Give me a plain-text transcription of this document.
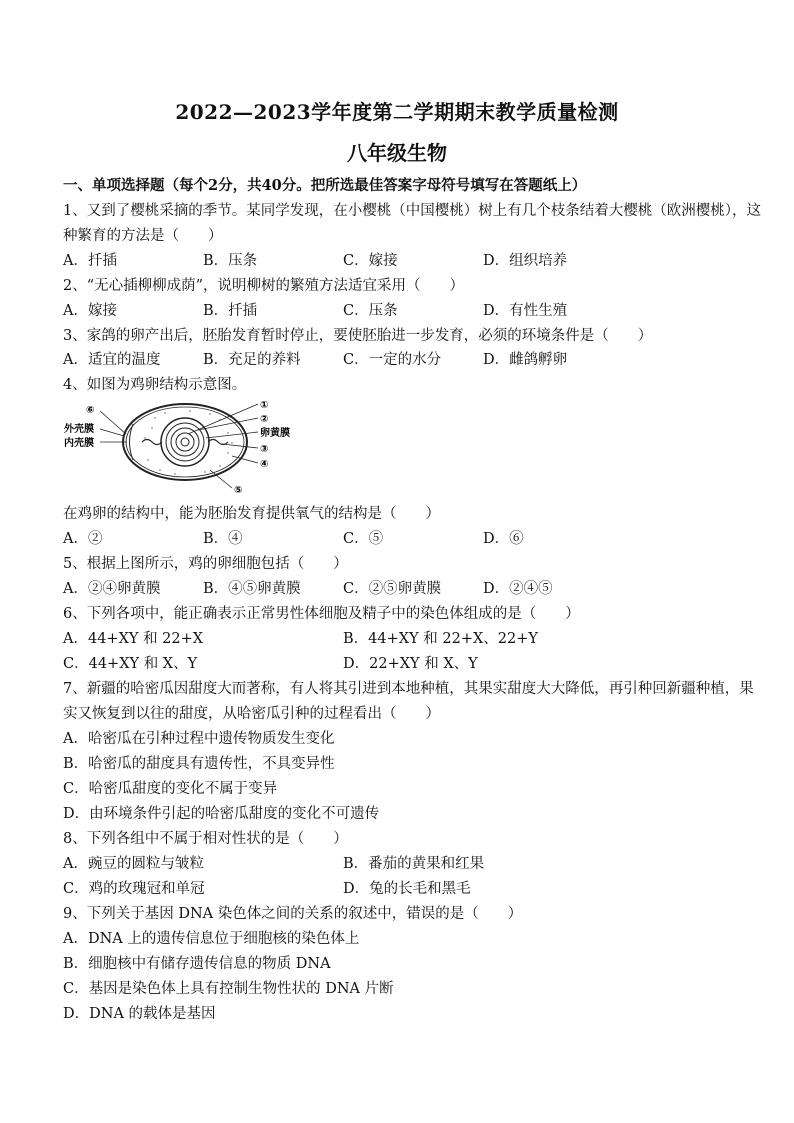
2022—2023学年度第二学期期末教学质量检测
八年级生物
一、单项选择题（每个2分，共40分。把所选最佳答案字母符号填写在答题纸上）
1、又到了樱桃采摘的季节。某同学发现，在小樱桃（中国樱桃）树上有几个枝条结着大樱桃（欧洲樱桃），这
种繁育的方法是（　　）
A．扦插	B．压条	C．嫁接	D．组织培养
2、“无心插柳柳成荫”，说明柳树的繁殖方法适宜采用（　　）
A．嫁接	B．扦插	C．压条	D．有性生殖
3、家鸽的卵产出后，胚胎发育暂时停止，要使胚胎进一步发育，必须的环境条件是（　　）
A．适宜的温度	B．充足的养料	C．一定的水分	D．雌鸽孵卵
4、如图为鸡卵结构示意图。
①
②
卵黄膜
③
④
⑤
⑥
外壳膜
内壳膜
在鸡卵的结构中，能为胚胎发育提供氧气的结构是（　　）
A．②	B．④	C．⑤	D．⑥
5、根据上图所示，鸡的卵细胞包括（　　）
A．②④卵黄膜	B．④⑤卵黄膜	C．②⑤卵黄膜	D．②④⑤
6、下列各项中，能正确表示正常男性体细胞及精子中的染色体组成的是（　　）
A．44+XY 和 22+X	B．44+XY 和 22+X、22+Y
C．44+XY 和 X、Y	D．22+XY 和 X、Y
7、新疆的哈密瓜因甜度大而著称，有人将其引进到本地种植，其果实甜度大大降低，再引种回新疆种植，果
实又恢复到以往的甜度，从哈密瓜引种的过程看出（　　）
A．哈密瓜在引种过程中遗传物质发生变化
B．哈密瓜的甜度具有遗传性，不具变异性
C．哈密瓜甜度的变化不属于变异
D．由环境条件引起的哈密瓜甜度的变化不可遗传
8、下列各组中不属于相对性状的是（　　）
A．豌豆的圆粒与皱粒	B．番茄的黄果和红果
C．鸡的玫瑰冠和单冠	D．兔的长毛和黑毛
9、下列关于基因 DNA 染色体之间的关系的叙述中，错误的是（　　）
A．DNA 上的遗传信息位于细胞核的染色体上
B．细胞核中有储存遗传信息的物质 DNA
C．基因是染色体上具有控制生物性状的 DNA 片断
D．DNA 的载体是基因
